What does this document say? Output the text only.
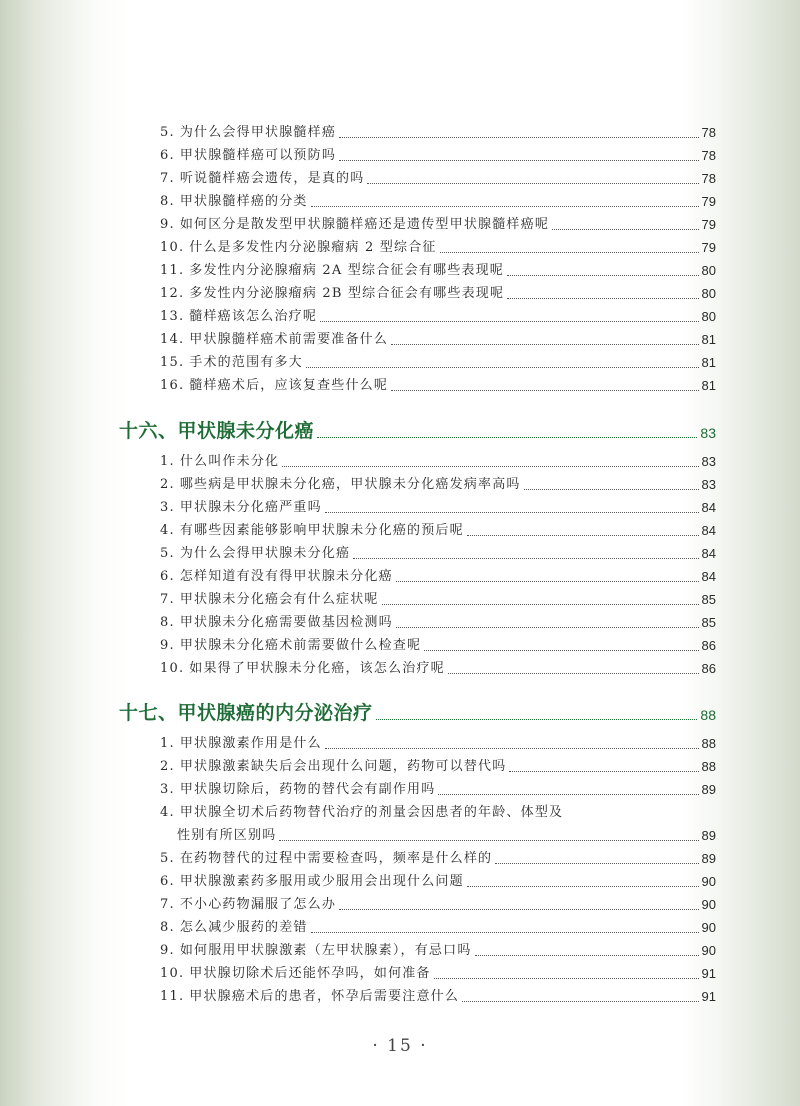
5. 为什么会得甲状腺髓样癌	78
6. 甲状腺髓样癌可以预防吗	78
7. 听说髓样癌会遗传，是真的吗	78
8. 甲状腺髓样癌的分类	79
9. 如何区分是散发型甲状腺髓样癌还是遗传型甲状腺髓样癌呢	79
10. 什么是多发性内分泌腺瘤病 2 型综合征	79
11. 多发性内分泌腺瘤病 2A 型综合征会有哪些表现呢	80
12. 多发性内分泌腺瘤病 2B 型综合征会有哪些表现呢	80
13. 髓样癌该怎么治疗呢	80
14. 甲状腺髓样癌术前需要准备什么	81
15. 手术的范围有多大	81
16. 髓样癌术后，应该复查些什么呢	81
十六、甲状腺未分化癌	83
1. 什么叫作未分化	83
2. 哪些病是甲状腺未分化癌，甲状腺未分化癌发病率高吗	83
3. 甲状腺未分化癌严重吗	84
4. 有哪些因素能够影响甲状腺未分化癌的预后呢	84
5. 为什么会得甲状腺未分化癌	84
6. 怎样知道有没有得甲状腺未分化癌	84
7. 甲状腺未分化癌会有什么症状呢	85
8. 甲状腺未分化癌需要做基因检测吗	85
9. 甲状腺未分化癌术前需要做什么检查呢	86
10. 如果得了甲状腺未分化癌，该怎么治疗呢	86
十七、甲状腺癌的内分泌治疗	88
1. 甲状腺激素作用是什么	88
2. 甲状腺激素缺失后会出现什么问题，药物可以替代吗	88
3. 甲状腺切除后，药物的替代会有副作用吗	89
4. 甲状腺全切术后药物替代治疗的剂量会因患者的年龄、体型及
性别有所区别吗	89
5. 在药物替代的过程中需要检查吗，频率是什么样的	89
6. 甲状腺激素药多服用或少服用会出现什么问题	90
7. 不小心药物漏服了怎么办	90
8. 怎么减少服药的差错	90
9. 如何服用甲状腺激素（左甲状腺素），有忌口吗	90
10. 甲状腺切除术后还能怀孕吗，如何准备	91
11. 甲状腺癌术后的患者，怀孕后需要注意什么	91
· 15 ·
